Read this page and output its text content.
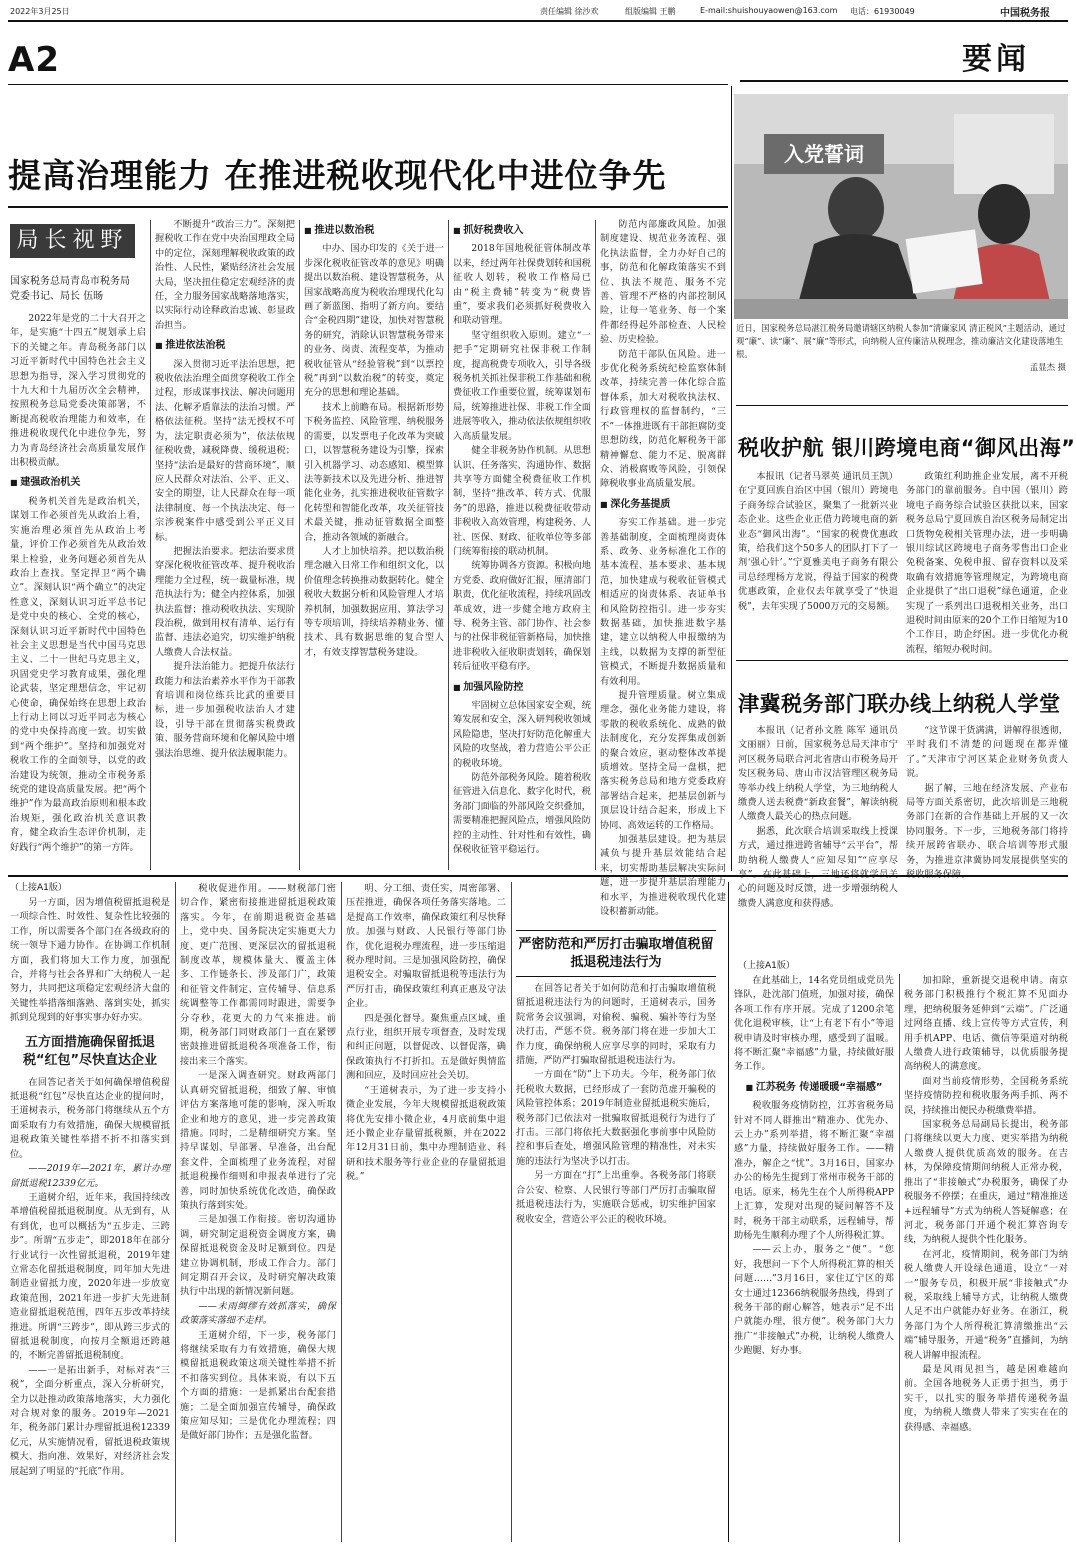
2022年3月25日	责任编辑 徐沙欢	组版编辑 王鹏	E-mail:shuishouyaowen@163.com 电话：61930049	中国税务报
A2	要闻
提高治理能力 在推进税收现代化中进位争先
局长视野
国家税务总局青岛市税务局
党委书记、局长 伍旸

2022年是党的二十大召开之年，是实施“十四五”规划承上启下的关键之年。青岛税务部门以习近平新时代中国特色社会主义思想为指导，深入学习贯彻党的十九大和十九届历次全会精神，按照税务总局党委决策部署，不断提高税收治理能力和效率，在推进税收现代化中进位争先，努力为青岛经济社会高质量发展作出积极贡献。

■ 建强政治机关

税务机关首先是政治机关，谋划工作必须首先从政治上看，实施治理必须首先从政治上考量，评价工作必须首先从政治效果上检验，业务问题必须首先从政治上查找。坚定捍卫“两个确立”。深刻认识“两个确立”的决定性意义，深刻认识习近平总书记是党中央的核心、全党的核心，深刻认识习近平新时代中国特色社会主义思想是当代中国马克思主义、二十一世纪马克思主义，巩固党史学习教育成果，强化理论武装，坚定理想信念，牢记初心使命，确保始终在思想上政治上行动上同以习近平同志为核心的党中央保持高度一致。切实做到“两个维护”。坚持和加强党对税收工作的全面领导，以党的政治建设为统领，推动全市税务系统党的建设高质量发展。把“两个维护”作为最高政治原则和根本政治规矩，强化政治机关意识教育，健全政治生态评价机制，走好践行“两个维护”的第一方阵。

不断提升“政治三力”。深刻把握税收工作在党中央治国理政全局中的定位，深刻理解税收政策的政治性、人民性，紧贴经济社会发展大局，坚决扭住稳定宏观经济的责任，全力服务国家战略落地落实，以实际行动诠释政治忠诚、彰显政治担当。

■ 推进依法治税

深入贯彻习近平法治思想，把税收依法治理全面贯穿税收工作全过程，形成谋事找法、解决问题用法、化解矛盾靠法的法治习惯。严格依法征税。坚持“法无授权不可为，法定职责必须为”，依法依规征税收费，减税降费、缓税退税；坚持“法治是最好的营商环境”，顺应人民群众对法治、公平、正义、安全的期望，让人民群众在每一项法律制度、每一个执法决定、每一宗涉税案件中感受到公平正义目标。

把握法治要求。把法治要求贯穿深化税收征管改革、提升税收治理能力全过程，统一裁量标准，规范执法行为；健全内控体系，加强执法监督；推动税收执法、实现阶段治税，做到用权有清单、运行有监督、违法必追究，切实维护纳税人缴费人合法权益。

提升法治能力。把提升依法行政能力和法治素养水平作为干部教育培训和岗位练兵比武的重要目标，进一步加强税收法治人才建设，引导干部在贯彻落实税费政策、服务营商环境和化解风险中增强法治思维、提升依法履职能力。

■ 推进以数治税

中办、国办印发的《关于进一步深化税收征管改革的意见》明确提出以数治税、建设智慧税务，从国家战略高度为税收治理现代化勾画了新蓝图、指明了新方向。要结合“金税四期”建设，加快对智慧税务的研究，消除认识智慧税务带来的业务、岗责、流程变革，为推动税收征管从“经验管税”到“以票控税”再到“以数治税”的转变，奠定充分的思想和理论基础。

技术上前瞻布局。根据新形势下税务监控、风险管理、纳税服务的需要，以发票电子化改革为突破口，以智慧税务建设为引擎，探索引入机器学习、动态感知、模型算法等新技术以及先进分析、推进智能化业务，扎实推进税收征管数字化转型和智能化改革，攻关征管技术最关键，推动征管数据全面整合，推动各领域的新融合。

人才上加快培养。把以数治税理念融入日常工作和组织文化，以价值理念转换推动数据转化。健全税收大数据分析和风险管理人才培养机制，加强数据应用、算法学习等专项培训，持续培养精业务、懂技术、具有数据思维的复合型人才，有效支撑智慧税务建设。

■ 抓好税费收入

2018年国地税征管体制改革以来，经过两年社保费划转和国税征收人划转，税收工作格局已由“税主费辅”转变为“税费皆重”，要求我们必须抓好税费收入和联动管理。

坚守组织收入原则。建立“一把手”定期研究社保非税工作制度，提高税费专项收入，引导各级税务机关抓社保非税工作基础和税费征收工作重要位置，统筹谋划布局，统筹推进社保、非税工作全面进展等收入，推动依法依规组织收入高质量发展。

健全非税务协作机制。从思想认识、任务落实、沟通协作、数据共享等方面健全税费征收工作机制，坚持“推改革、转方式、优服务”的思路，推进以税费征收带动非税收入高效管理，构建税务、人社、医保、财政、征收单位等多部门统筹衔接的联动机制。

统筹协调各方资源。积极向地方党委、政府做好汇报，厘清部门职责，优化征收流程，持续巩固改革成效，进一步健全地方政府主导、税务主管、部门协作、社会参与的社保非税征管新格局，加快推进非税收入征收职责划转，确保划转后征收平稳有序。

■ 加强风险防控

牢固树立总体国家安全观，统筹发展和安全，深入研判税收领域风险隐患，坚决打好防范化解重大风险的攻坚战，着力营造公平公正的税收环境。

防范外部税务风险。随着税收征管进入信息化、数字化时代，税务部门面临的外部风险交织叠加，需要精准把握风险点，增强风险防控的主动性、针对性和有效性，确保税收征管平稳运行。

防范内部廉政风险。加强制度建设、规范业务流程、强化执法监督，全力办好自己的事，防范和化解政策落实不到位、执法不规范、服务不完善、管理不严格的内部控制风险，让每一笔业务、每一个案件都经得起外部检查、人民检验、历史检验。

防范干部队伍风险。进一步优化税务系统纪检监察体制改革，持续完善一体化综合监督体系，加大对税收执法权、行政管理权的监督制约，“三不”一体推进既有干部拒腐防变思想防线，防范化解税务干部精神懈怠、能力不足、脱离群众、消极腐败等风险，引领保障税收事业高质量发展。

■ 深化务基提质

夯实工作基础。进一步完善基础制度，全面梳理岗责体系、政务、业务标准化工作的基本流程、基本要求、基本规范，加快建成与税收征管模式相适应的岗责体系、表证单书和风险防控指引。进一步夯实数据基础，加快推进数字基建，建立以纳税人申报缴纳为主线，以数据为支撑的新型征管模式，不断提升数据质量和有效利用。

提升管理质量。树立集成理念，强化业务能力建设，将零散的税收系统化、成熟的做法制度化，充分发挥集成创新的聚合效应，驱动整体改革提质增效。坚持全局一盘棋，把落实税务总局和地方党委政府部署结合起来，把基层创新与顶层设计结合起来，形成上下协同、高效运转的工作格局。

加强基层建设。把为基层减负与提升基层效能结合起来，切实帮助基层解决实际问题，进一步提升基层治理能力和水平，为推进税收现代化建设积蓄新动能。

入党誓词
近日，国家税务总局湛江税务局邀请辖区纳税人参加“清廉家风 清正税风”主题活动，通过观“廉”、读“廉”、展“廉”等形式，向纳税人宣传廉洁从税理念，推动廉洁文化建设落地生根。
孟显杰 摄
税收护航 银川跨境电商“御风出海”

本报讯（记者马翠英 通讯员王凯）在宁夏回族自治区中国（银川）跨境电子商务综合试验区，聚集了一批新兴业态企业。这些企业正借力跨境电商的新业态“御风出海”。“国家的税费优惠政策，给我们这个50多人的团队打下了一剂‘强心针’。”宁夏雅美电子商务有限公司总经理杨方龙说，得益于国家的税费优惠政策，企业仅去年就享受了“快退税”，去年实现了5000万元的交易额。

政策红利助推企业发展，离不开税务部门的靠前服务。自中国（银川）跨境电子商务综合试验区获批以来，国家税务总局宁夏回族自治区税务局制定出口货物免税相关管理办法，进一步明确银川综试区跨境电子商务零售出口企业免税备案、免税申报、留存资料以及采取确有效措施等管理规定，为跨境电商企业提供了“出口退税”绿色通道，企业实现了一系列出口退税相关业务，出口退税时间由原来的20个工作日缩短为10个工作日，助企纾困。进一步优化办税流程，缩短办税时间。

津冀税务部门联办线上纳税人学堂

本报讯（记者孙文胜 陈军 通讯员文丽丽）日前，国家税务总局天津市宁河区税务局联合河北省唐山市税务局开发区税务局、唐山市汉沽管理区税务局等举办线上纳税人学堂，为三地纳税人缴费人送去税费“新政套餐”，解读纳税人缴费人最关心的热点问题。

据悉，此次联合培训采取线上授课方式，通过推进跨省辅导“云平台”，帮助纳税人缴费人“应知尽知”“应享尽 心的问题及时反馈，进一步增强纳税人缴费人满意度和获得感。

“这节课干货满满，讲解得很透彻，平时我们不清楚的问题现在都弄懂了。”天津市宁河区某企业财务负责人说。

据了解，三地在经济发展、产业布局等方面关系密切，此次培训是三地税务部门在新的合作基础上开展的又一次协同服务。下一步，三地税务部门将持续开展跨省联办、联合培训等形式服务，为推进京津冀协同发展提供坚实的

（上接A1版）
（上接A1版）

另一方面，因为增值税留抵退税是一项综合性、时效性、复杂性比较强的工作，所以需要各个部门在各级政府的统一领导下通力协作。在协调工作机制方面，我们将加大工作力度，加强配合，并将与社会各界和广大纳税人一起努力，共同把这项稳定宏观经济大盘的关键性举措落细落熟、落到实处，抓实抓到兑现到的好事实事办好办实。

五方面措施确保留抵退税“红包”尽快直达企业

在回答记者关于如何确保增值税留抵退税“红包”尽快直达企业的提问时，王道树表示，税务部门将继续从五个方面采取有力有效措施，确保大规模留抵退税政策关键性举措不折不扣落实到位。

——2019年—2021年，累计办理留抵退税12339亿元。

王道树介绍，近年来，我国持续改革增值税留抵退税制度。从无到有，从有到优，也可以概括为“五步走、三跨步”。所谓“五步走”，即2018年在部分行业试行一次性留抵退税，2019年建立常态化留抵退税制度，同年加大先进制造业留抵力度，2020年进一步放宽政策范围，2021年进一步扩大先进制造业留抵退税范围，四年五步改革持续推进。所谓“三跨步”，即从跨三步式的留抵退税制度，向按月全额退还跨越的，不断完善留抵退税制度。

——一是拓出新手，对标对表“三税”，全面分析重点，深入分析研究，全力以赴推动政策落地落实，大力强化对合规对象的服务。2019年—2021年，税务部门累计办理留抵退税12339亿元，从实施情况看，留抵退税政策规模大、指向准、效果好，对经济社会发展起到了明显的“托底”作用。

税收促进作用。——财税部门密切合作，紧密衔接推进留抵退税政策落实。今年，在前期退税资金基础上，党中央、国务院决定实施更大力度、更广范围、更深层次的留抵退税制度改革，规模体量大、覆盖主体多、工作链条长、涉及部门广，政策和征管文件制定、宣传辅导、信息系统调整等工作都需同时跟进，需要争分夺秒，花更大的力气来推进。前期，税务部门同财政部门一直在紧锣密鼓推进留抵退税各项准备工作，衔接出来三个落实。

一是深入调查研究。财政两部门认真研究留抵退税，细致了解、审慎评估方案落地可能的影响，深入听取企业和地方的意见，进一步完善政策措施。同时，二是精细研究方案。坚持早谋划、早部署、早准备，出台配套文件，全面梳理了业务流程，对留抵退税操作细则和申报表单进行了完善，同时加快系统优化改造，确保政策执行落到实处。

三是加强工作衔接。密切沟通协调，研究制定退税资金调度方案，确保留抵退税资金及时足额到位。四是建立协调机制，形成工作合力。部门间定期召开会议，及时研究解决政策执行中出现的新情况新问题。

——未雨绸缪有效抓落实，确保政策落实落细不走样。

王道树介绍，下一步，税务部门将继续采取有力有效措施，确保大规模留抵退税政策这项关键性举措不折不扣落实到位。具体来说，有以下五个方面的措施：一是抓紧出台配套措施；二是全面加强宣传辅导，确保政策应知尽知；三是优化办理流程；四是做好部门协作；五是强化监督。

明、分工细、责任实，周密部署、压茬推进，确保各项任务落实落地。二是提高工作效率，确保政策红利尽快释放。加强与财政、人民银行等部门协作，优化退税办理流程，进一步压缩退税办理时间。三是加强风险防控，确保退税安全。对骗取留抵退税等违法行为严厉打击，确保政策红利真正惠及守法企业。

四是强化督导。聚焦重点区域、重点行业，组织开展专项督查，及时发现和纠正问题，以督促改、以督促落，确保政策执行不打折扣。五是做好舆情监测和回应，及时回应社会关切。

“王道树表示，为了进一步支持小微企业发展，今年大规模留抵退税政策将优先安排小微企业，4月底前集中退还小微企业存量留抵税额，并在2022年12月31日前，集中办理制造业、科研和技术服务等行业企业的存量留抵退税。”

严密防范和严厉打击骗取增值税留抵退税违法行为

在回答记者关于如何防范和打击骗取增值税留抵退税违法行为的问题时，王道树表示，国务院常务会议强调，对偷税、骗税、骗补等行为坚决打击，严惩不贷。税务部门将在进一步加大工作力度，确保纳税人应享尽享的同时，采取有力措施，严防严打骗取留抵退税违法行为。

一方面在“防”上下功夫。今年，税务部门依托税收大数据，已经形成了一套防范虚开骗税的风险管控体系；2019年制造业留抵退税实施后，税务部门已依法对一批骗取留抵退税行为进行了打击。三部门将依托大数据强化事前事中风险防控和事后查处，增强风险管理的精准性，对未实施的违法行为坚决予以打击。

另一方面在“打”上出重拳。各税务部门将联合公安、检察、人民银行等部门严厉打击骗取留抵退税违法行为，实施联合惩戒，切实维护国家税收安全，营造公平公正的税收环境。

在此基础上，14名党员组成党员先锋队，赴沈部门值班，加强对接，确保各项工作有序开展。完成了1200余笔优化退税审核，让“上有老下有小”等退税申请及时审核办理，感受到了温暖。将不断汇聚“幸福感”力量，持续做好服务工作。

■ 江苏税务 传递暖暖“幸福感”

税收服务疫情防控，江苏省税务局针对不同人群推出“精准办、优先办、云上办”系列举措，将不断汇聚“幸福感”力量，持续做好服务工作。——精准办，解企之“忧”。3月16日，国家办办公的杨先生提到丁常州市税务干部的电话。原来，杨先生在个人所得税APP上汇算，发现对出现的疑问解答不及时，税务干部主动联系，远程辅导，帮助杨先生顺利办理了个人所得税汇算。

——云上办，服务之“便”。“您好，我想问一下个人所得税汇算的相关问题……”3月16日，家住辽宁区的郑女士通过12366纳税服务热线，得到了税务干部的耐心解答，她表示“足不出户就能办理，很方便”。税务部门大力推广“非接触式”办税，让纳税人缴费人少跑腿、好办事。

加扣除，重新提交退税申请。南京税务部门积极推行个税汇算不见面办理，把纳税服务延伸到“云端”。广泛通过网络直播、线上宣传等方式宣传，利用手机APP、电话、微信等渠道对纳税人缴费人进行政策辅导，以优质服务提高纳税人的满意度。

面对当前疫情形势，全国税务系统坚持疫情防控和税收服务两手抓、两不误，持续推出便民办税缴费举措。

国家税务总局副局长提出，税务部门将继续以更大力度、更实举措为纳税人缴费人提供优质高效的服务。在吉林，为保障疫情期间纳税人正常办税，推出了“非接触式”办税服务，确保了办税服务不停摆；在重庆，通过“精准推送+远程辅导”方式为纳税人答疑解惑；在河北，税务部门开通个税汇算咨询专线，为纳税人提供个性化服务。

在河北，疫情期间，税务部门为纳税人缴费人开设绿色通道，设立“一对一”服务专员，积极开展“非接触式”办税，采取线上辅导方式，让纳税人缴费人足不出户就能办好业务。在浙江，税务部门为个人所得税汇算清缴推出“云端”辅导服务，开通“税务”直播间，为纳税人讲解申报流程。

最是风雨见担当，越是困难越向前。全国各地税务人正勇于担当，勇于实干，以扎实的服务举措传递税务温度，为纳税人缴费人带来了实实在在的获得感、幸福感。
